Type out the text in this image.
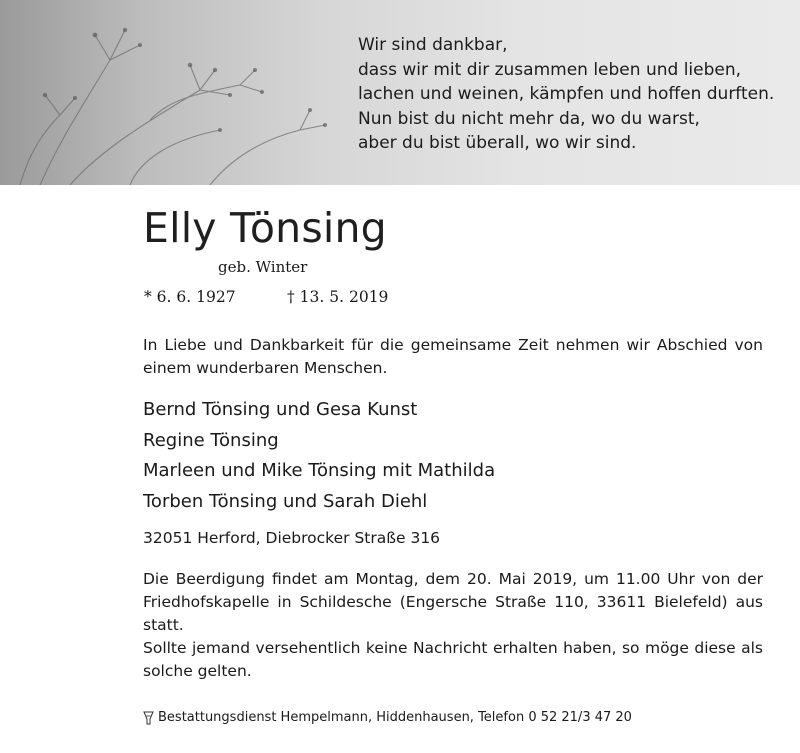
Wir sind dankbar,
dass wir mit dir zusammen leben und lieben,
lachen und weinen, kämpfen und hoffen durften.
Nun bist du nicht mehr da, wo du warst,
aber du bist überall, wo wir sind.
Elly Tönsing
geb. Winter
* 6. 6. 1927	† 13. 5. 2019
In Liebe und Dankbarkeit für die gemeinsame Zeit nehmen wir Abschied von einem wunderbaren Menschen.
Bernd Tönsing und Gesa Kunst
Regine Tönsing
Marleen und Mike Tönsing mit Mathilda
Torben Tönsing und Sarah Diehl
32051 Herford, Diebrocker Straße 316

Die Beerdigung findet am Montag, dem 20. Mai 2019, um 11.00 Uhr von der Friedhofskapelle in Schildesche (Engersche Straße 110, 33611 Bielefeld) aus statt.

Sollte jemand versehentlich keine Nachricht erhalten haben, so möge diese als solche gelten.

Bestattungsdienst Hempelmann, Hiddenhausen, Telefon 0 52 21/3 47 20
